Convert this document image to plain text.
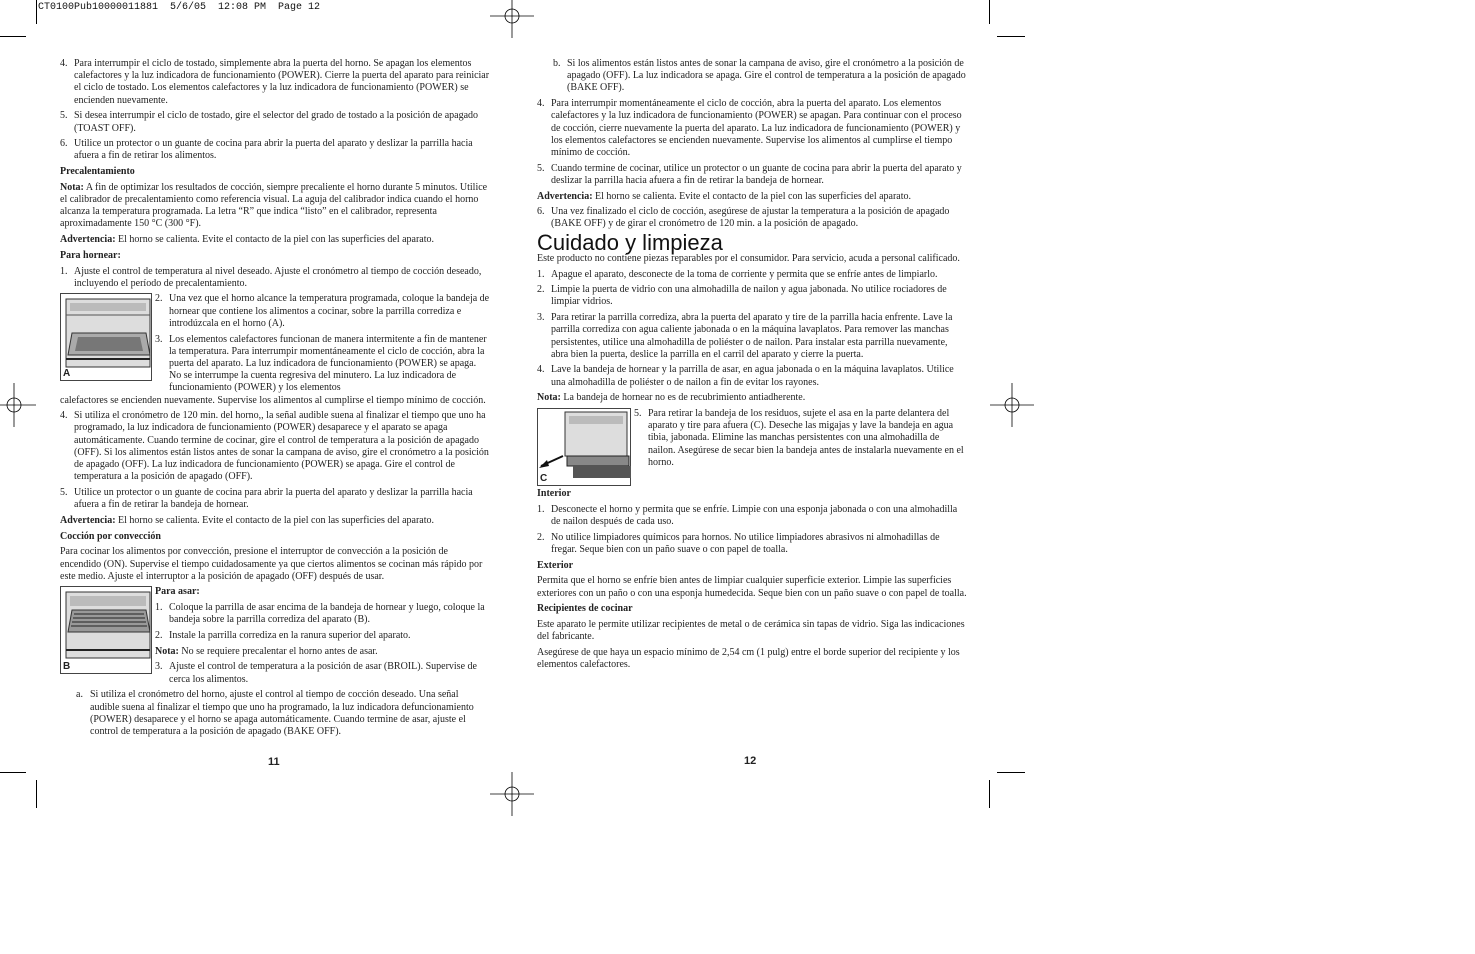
CT0100Pub10000011881  5/6/05  12:08 PM  Page 12
4. Para interrumpir el ciclo de tostado, simplemente abra la puerta del horno. Se apagan los elementos calefactores y la luz indicadora de funcionamiento (POWER). Cierre la puerta del aparato para reiniciar el ciclo de tostado. Los elementos calefactores y la luz indicadora de funcionamiento (POWER) se encienden nuevamente.
5. Si desea interrumpir el ciclo de tostado, gire el selector del grado de tostado a la posición de apagado (TOAST OFF).
6. Utilice un protector o un guante de cocina para abrir la puerta del aparato y deslizar la parrilla hacia afuera a fin de retirar los alimentos.

Precalentamiento

Nota: A fin de optimizar los resultados de cocción, siempre precaliente el horno durante 5 minutos. Utilice el calibrador de precalentamiento como referencia visual. La aguja del calibrador indica cuando el horno alcanza la temperatura programada. La letra “R” que indica “listo” en el calibrador, representa aproximadamente 150 °C (300 °F).

Advertencia: El horno se calienta. Evite el contacto de la piel con las superficies del aparato.

Para hornear:

1. Ajuste el control de temperatura al nivel deseado. Ajuste el cronómetro al tiempo de cocción deseado, incluyendo el período de precalentamiento.
A
2. Una vez que el horno alcance la temperatura programada, coloque la bandeja de hornear que contiene los alimentos a cocinar, sobre la parrilla corrediza e introdúzcala en el horno (A).
3. Los elementos calefactores funcionan de manera intermitente a fin de mantener la temperatura. Para interrumpir momentáneamente el ciclo de cocción, abra la puerta del aparato. La luz indicadora de funcionamiento (POWER) se apaga. No se interrumpe la cuenta regresiva del minutero. La luz indicadora de funcionamiento (POWER) y los elementos

calefactores se encienden nuevamente. Supervise los alimentos al cumplirse el tiempo mínimo de cocción.

4. Si utiliza el cronómetro de 120 min. del horno,, la señal audible suena al finalizar el tiempo que uno ha programado, la luz indicadora de funcionamiento (POWER) desaparece y el aparato se apaga automáticamente. Cuando termine de cocinar, gire el control de temperatura a la posición de apagado (OFF). Si los alimentos están listos antes de sonar la campana de aviso, gire el cronómetro a la posición de apagado (OFF). La luz indicadora de funcionamiento (POWER) se apaga. Gire el control de temperatura a la posición de apagado (OFF).
5. Utilice un protector o un guante de cocina para abrir la puerta del aparato y deslizar la parrilla hacia afuera a fin de retirar la bandeja de hornear.

Advertencia: El horno se calienta. Evite el contacto de la piel con las superficies del aparato.

Cocción por convección

Para cocinar los alimentos por convección, presione el interruptor de convección a la posición de encendido (ON). Supervise el tiempo cuidadosamente ya que ciertos alimentos se cocinan más rápido por este medio. Ajuste el interruptor a la posición de apagado (OFF) después de usar.

B

Para asar:

1. Coloque la parrilla de asar encima de la bandeja de hornear y luego, coloque la bandeja sobre la parrilla corrediza del aparato (B).
2. Instale la parrilla corrediza en la ranura superior del aparato.

Nota: No se requiere precalentar el horno antes de asar.

3. Ajuste el control de temperatura a la posición de asar (BROIL). Supervise de cerca los alimentos.
a. Si utiliza el cronómetro del horno, ajuste el control al tiempo de cocción deseado. Una señal audible suena al finalizar el tiempo que uno ha programado, la luz indicadora defuncionamiento (POWER) desaparece y el horno se apaga automáticamente. Cuando termine de asar, ajuste el control de temperatura a la posición de apagado (BAKE OFF).
11
b. Si los alimentos están listos antes de sonar la campana de aviso, gire el cronómetro a la posición de apagado (OFF). La luz indicadora se apaga. Gire el control de temperatura a la posición de apagado (BAKE OFF).
4. Para interrumpir momentáneamente el ciclo de cocción, abra la puerta del aparato. Los elementos calefactores y la luz indicadora de funcionamiento (POWER) se apagan. Para continuar con el proceso de cocción, cierre nuevamente la puerta del aparato. La luz indicadora de funcionamiento (POWER) y los elementos calefactores se encienden nuevamente. Supervise los alimentos al cumplirse el tiempo mínimo de cocción.
5. Cuando termine de cocinar, utilice un protector o un guante de cocina para abrir la puerta del aparato y deslizar la parrilla hacia afuera a fin de retirar la bandeja de hornear.

Advertencia: El horno se calienta. Evite el contacto de la piel con las superficies del aparato.

6. Una vez finalizado el ciclo de cocción, asegúrese de ajustar la temperatura a la posición de apagado (BAKE OFF) y de girar el cronómetro de 120 min. a la posición de apagado.
Cuidado y limpieza

Este producto no contiene piezas reparables por el consumidor. Para servicio, acuda a personal calificado.

1. Apague el aparato, desconecte de la toma de corriente y permita que se enfríe antes de limpiarlo.
2. Limpie la puerta de vidrio con una almohadilla de nailon y agua jabonada. No utilice rociadores de limpiar vidrios.
3. Para retirar la parrilla corrediza, abra la puerta del aparato y tire de la parrilla hacia enfrente. Lave la parrilla corrediza con agua caliente jabonada o en la máquina lavaplatos. Para remover las manchas persistentes, utilice una almohadilla de poliéster o de nailon. Para instalar esta parrilla nuevamente, abra bien la puerta, deslice la parrilla en el carril del aparato y cierre la puerta.
4. Lave la bandeja de hornear y la parrilla de asar, en agua jabonada o en la máquina lavaplatos. Utilice una almohadilla de poliéster o de nailon a fin de evitar los rayones.

Nota: La bandeja de hornear no es de recubrimiento antiadherente.

C
5. Para retirar la bandeja de los residuos, sujete el asa en la parte delantera del aparato y tire para afuera (C). Deseche las migajas y lave la bandeja en agua tibia, jabonada. Elimine las manchas persistentes con una almohadilla de nailon. Asegúrese de secar bien la bandeja antes de instalarla nuevamente en el horno.

Interior

1. Desconecte el horno y permita que se enfríe. Limpie con una esponja jabonada o con una almohadilla de nailon después de cada uso.
2. No utilice limpiadores químicos para hornos. No utilice limpiadores abrasivos ni almohadillas de fregar. Seque bien con un paño suave o con papel de toalla.

Exterior

Permita que el horno se enfríe bien antes de limpiar cualquier superficie exterior. Limpie las superficies exteriores con un paño o con una esponja humedecida. Seque bien con un paño suave o con papel de toalla.

Recipientes de cocinar

Este aparato le permite utilizar recipientes de metal o de cerámica sin tapas de vidrio. Siga las indicaciones del fabricante.

Asegúrese de que haya un espacio mínimo de 2,54 cm (1 pulg) entre el borde superior del recipiente y los elementos calefactores.

12
